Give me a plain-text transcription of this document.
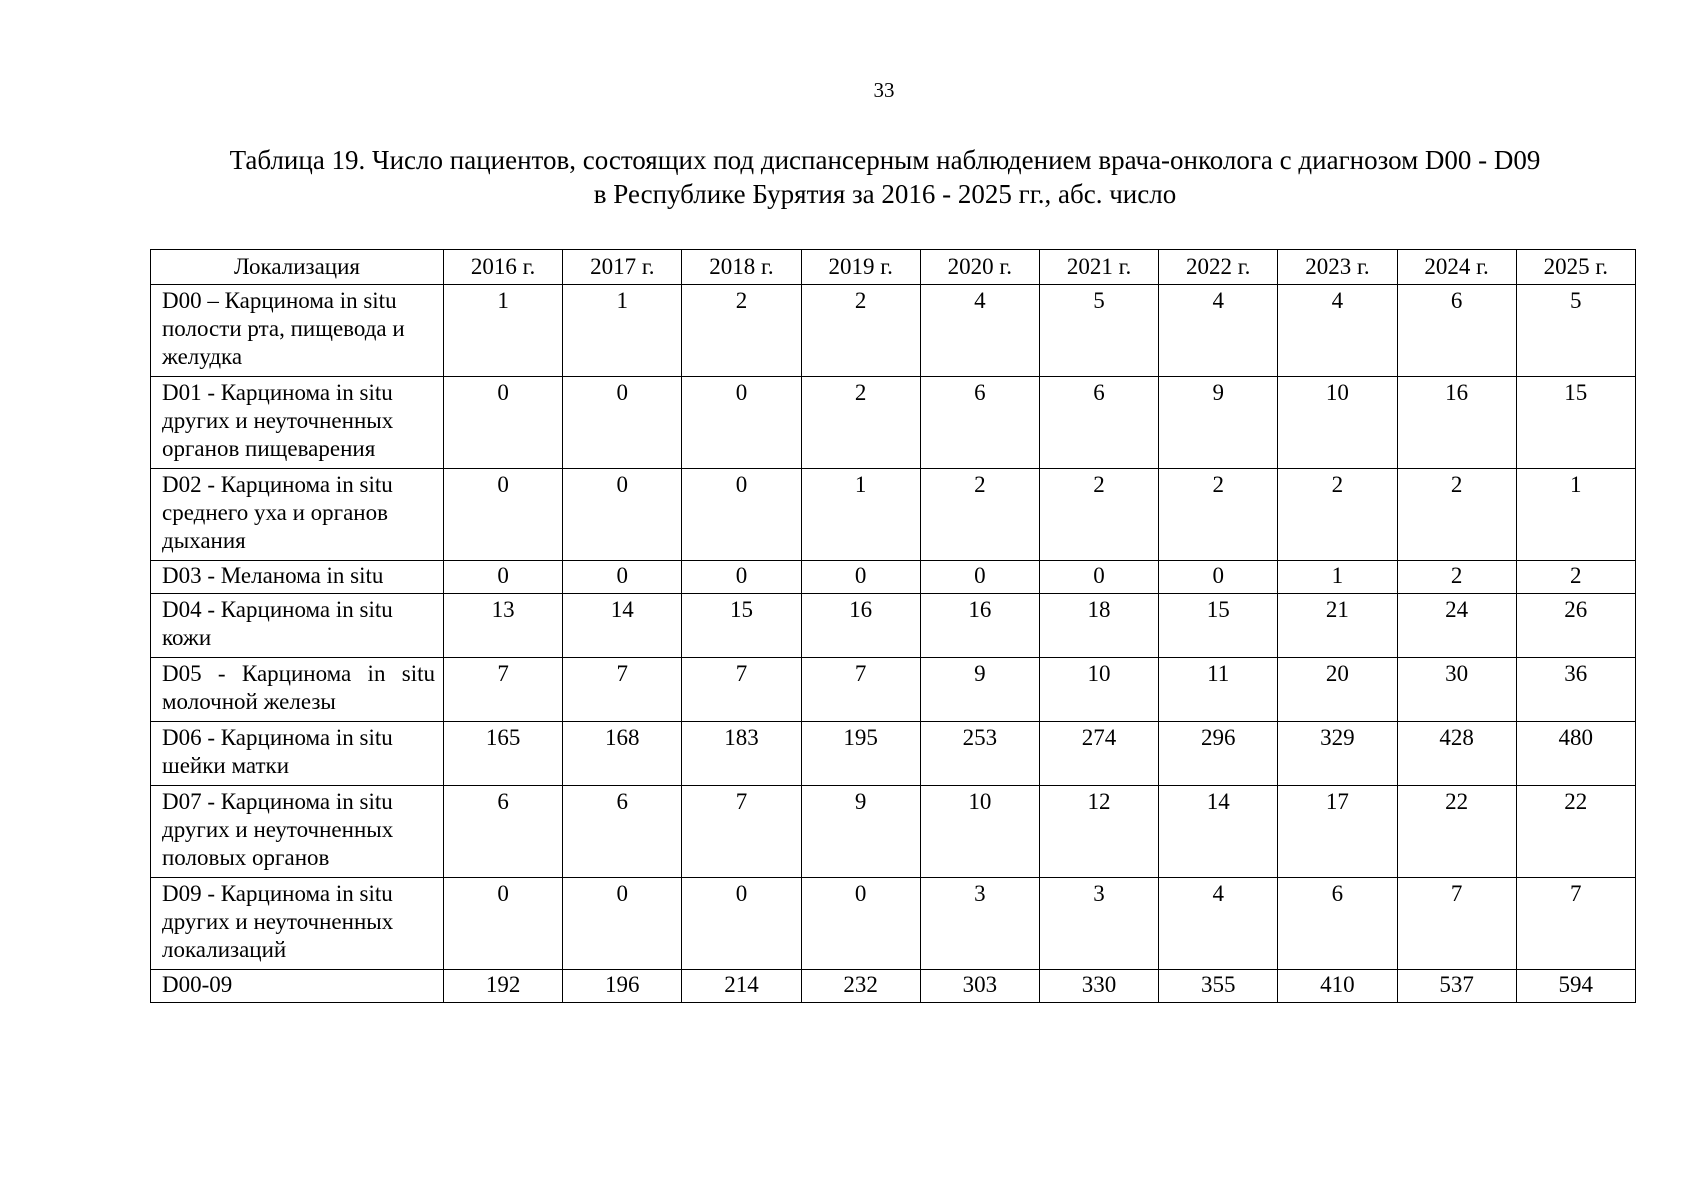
33
Таблица 19. Число пациентов, состоящих под диспансерным наблюдением врача-онколога с диагнозом D00 - D09
в Республике Бурятия за 2016 - 2025 гг., абс. число
Локализация	2016 г.	2017 г.	2018 г.	2019 г.	2020 г.	2021 г.	2022 г.	2023 г.	2024 г.	2025 г.
D00 – Карцинома in situ полости рта, пищевода и желудка	1	1	2	2	4	5	4	4	6	5
D01 - Карцинома in situ других и неуточненных органов пищеварения	0	0	0	2	6	6	9	10	16	15
D02 - Карцинома in situ среднего уха и органов дыхания	0	0	0	1	2	2	2	2	2	1
D03 - Меланома in situ	0	0	0	0	0	0	0	1	2	2
D04 - Карцинома in situ кожи	13	14	15	16	16	18	15	21	24	26
D05 - Карцинома in situ молочной железы	7	7	7	7	9	10	11	20	30	36
D06 - Карцинома in situ шейки матки	165	168	183	195	253	274	296	329	428	480
D07 - Карцинома in situ других и неуточненных половых органов	6	6	7	9	10	12	14	17	22	22
D09 - Карцинома in situ других и неуточненных локализаций	0	0	0	0	3	3	4	6	7	7
D00-09	192	196	214	232	303	330	355	410	537	594
